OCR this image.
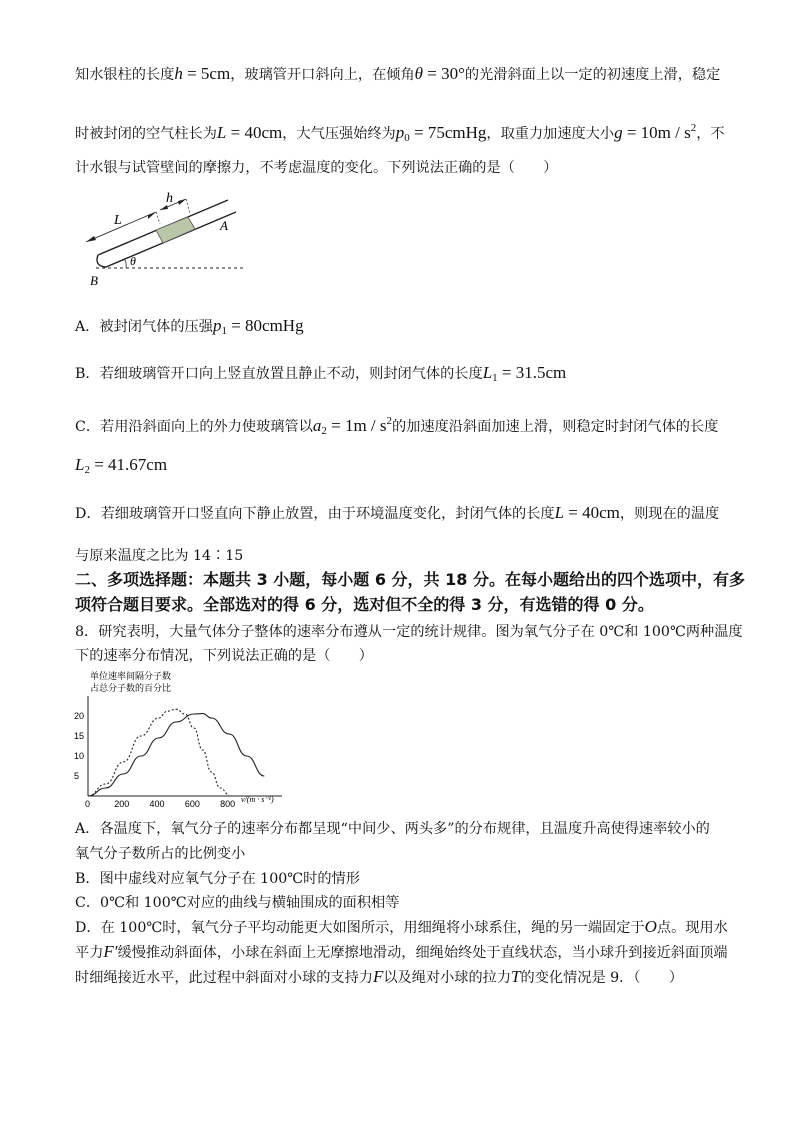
知水银柱的长度h = 5cm，玻璃管开口斜向上，在倾角θ = 30°的光滑斜面上以一定的初速度上滑，稳定
时被封闭的空气柱长为L = 40cm，大气压强始终为$p_0$ = 75cmHg，取重力加速度大小$g = 10m / s^2$，不
计水银与试管壁间的摩擦力，不考虑温度的变化。下列说法正确的是（　　）
L
h
A
B
θ
A．被封闭气体的压强$p_1$ = 80cmHg
B．若细玻璃管开口向上竖直放置且静止不动，则封闭气体的长度$L_1 = 31.5cm$
C．若用沿斜面向上的外力使玻璃管以$a_2 = 1m / s^2$的加速度沿斜面加速上滑，则稳定时封闭气体的长度
$L_2 = 41.67cm$
D．若细玻璃管开口竖直向下静止放置，由于环境温度变化，封闭气体的长度L = 40cm，则现在的温度
与原来温度之比为 14∶15
二、多项选择题：本题共 3 小题，每小题 6 分，共 18 分。在每小题给出的四个选项中，有多
项符合题目要求。全部选对的得 6 分，选对但不全的得 3 分，有选错的得 0 分。
8．研究表明，大量气体分子整体的速率分布遵从一定的统计规律。图为氧气分子在 0℃和 100℃两种温度
下的速率分布情况，下列说法正确的是（　　）
单位速率间隔分子数
占总分子数的百分比
v/(m · s⁻¹)
0	200 400 600 800
5
10
15
20
A．各温度下，氧气分子的速率分布都呈现“中间少、两头多”的分布规律，且温度升高使得速率较小的
氧气分子数所占的比例变小
B．图中虚线对应氧气分子在 100℃时的情形
C．0℃和 100℃对应的曲线与横轴围成的面积相等
D．在 100℃时，氧气分子平均动能更大如图所示，用细绳将小球系住，绳的另一端固定于O点。现用水
平力F′缓慢推动斜面体，小球在斜面上无摩擦地滑动，细绳始终处于直线状态，当小球升到接近斜面顶端
时细绳接近水平，此过程中斜面对小球的支持力F以及绳对小球的拉力T的变化情况是 9．（　　）
